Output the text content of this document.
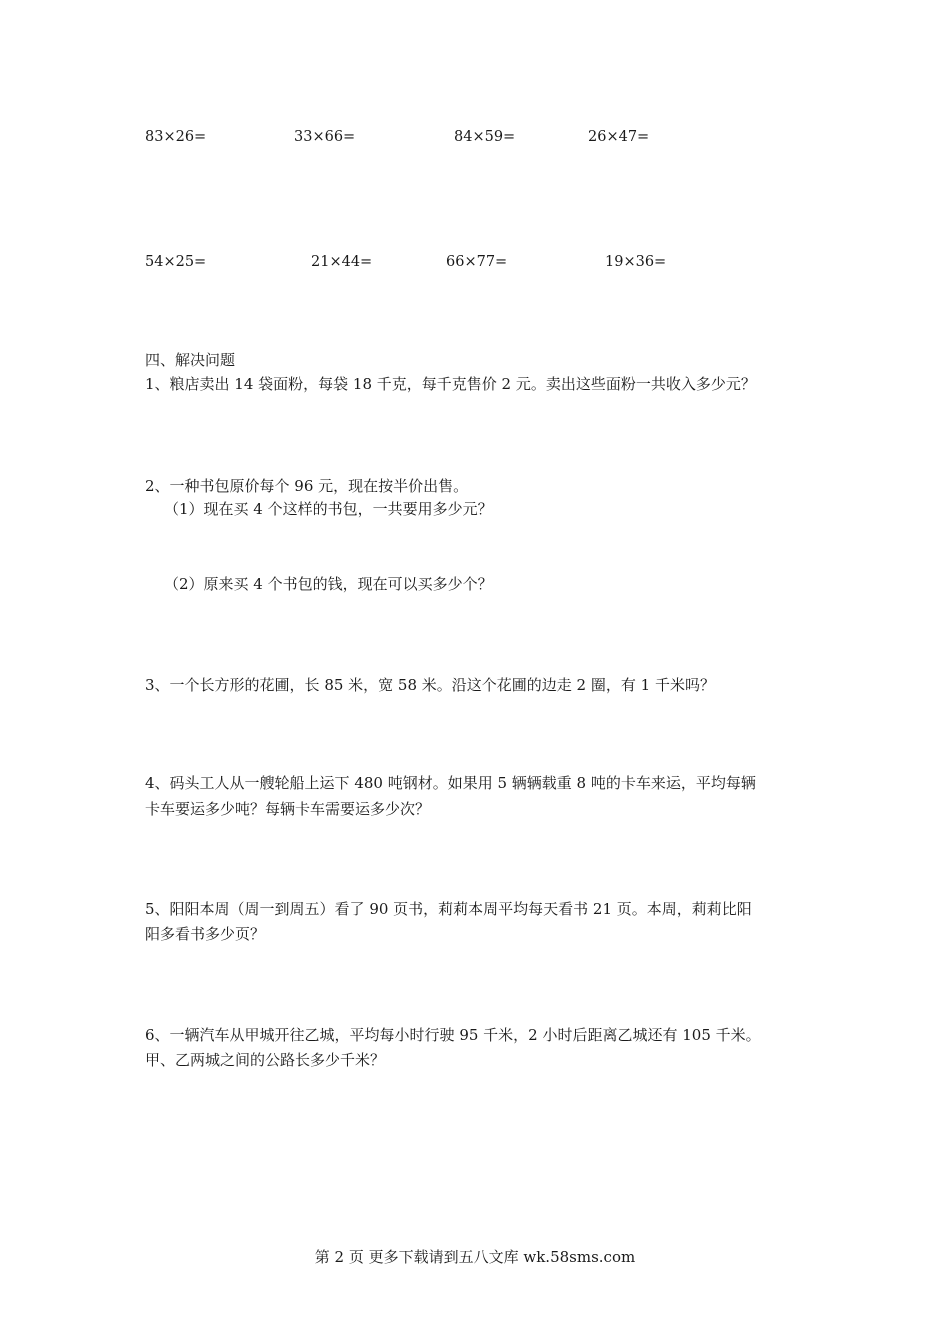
83×26=	33×66=	84×59=	26×47=
54×25=	21×44=	66×77=	19×36=
四、解决问题
1、粮店卖出 14 袋面粉，每袋 18 千克，每千克售价 2 元。卖出这些面粉一共收入多少元？
2、一种书包原价每个 96 元，现在按半价出售。
（1）现在买 4 个这样的书包，一共要用多少元？
（2）原来买 4 个书包的钱，现在可以买多少个？
3、一个长方形的花圃，长 85 米，宽 58 米。沿这个花圃的边走 2 圈，有 1 千米吗？
4、码头工人从一艘轮船上运下 480 吨钢材。如果用 5 辆辆载重 8 吨的卡车来运，平均每辆
卡车要运多少吨？每辆卡车需要运多少次？
5、阳阳本周（周一到周五）看了 90 页书，莉莉本周平均每天看书 21 页。本周，莉莉比阳
阳多看书多少页？
6、一辆汽车从甲城开往乙城，平均每小时行驶 95 千米，2 小时后距离乙城还有 105 千米。
甲、乙两城之间的公路长多少千米？
第 2 页 更多下载请到五八文库 wk.58sms.com
